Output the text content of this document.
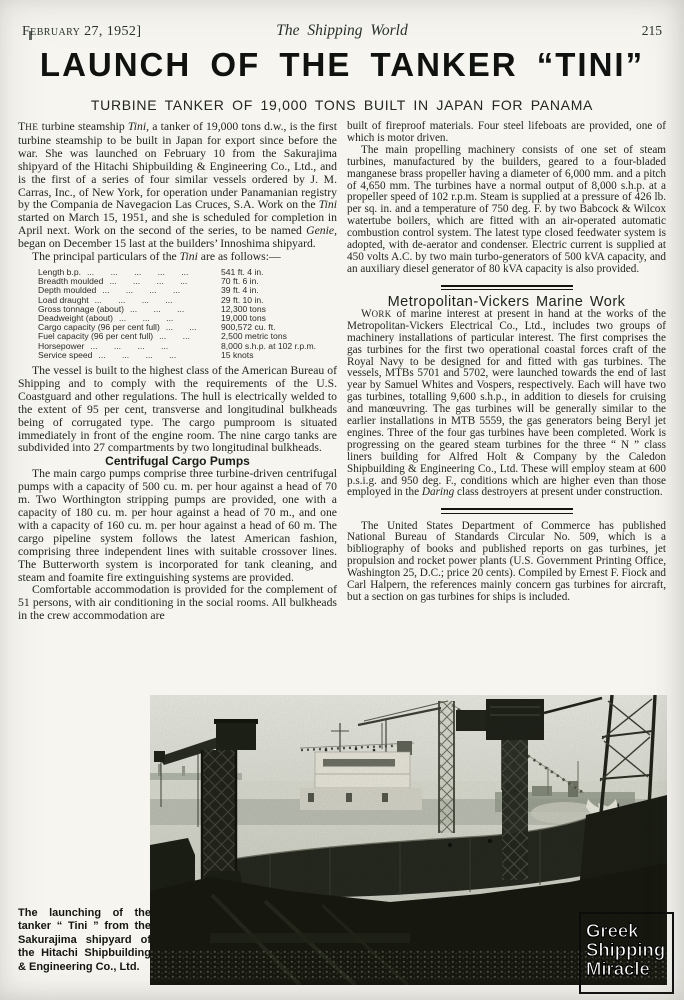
February 27, 1952]	The Shipping World	215
LAUNCH OF THE TANKER “TINI”
TURBINE TANKER OF 19,000 TONS BUILT IN JAPAN FOR PANAMA

THE turbine steamship Tini, a tanker of 19,000 tons d.w., is the first turbine steamship to be built in Japan for export since before the war. She was launched on February 10 from the Sakurajima shipyard of the Hitachi Shipbuilding & Engineering Co., Ltd., and is the first of a series of four similar vessels ordered by J. M. Carras, Inc., of New York, for operation under Panamanian registry by the Compania de Navegacion Las Cruces, S.A. Work on the Tini started on March 15, 1951, and she is scheduled for completion in April next. Work on the second of the series, to be named Genie, began on December 15 last at the builders’ Innoshima shipyard.

The principal particulars of the Tini are as follows:—

Length b.p. ... ... ... ... ...	541 ft. 4 in.
Breadth moulded ... ... ... ...	70 ft. 6 in.
Depth moulded ... ... ... ...	39 ft. 4 in.
Load draught ... ... ... ...	29 ft. 10 in.
Gross tonnage (about) ... ... ...	12,300 tons
Deadweight (about) ... ... ...	19,000 tons
Cargo capacity (96 per cent full) ... ...	900,572 cu. ft.
Fuel capacity (96 per cent full) ... ...	2,500 metric tons
Horsepower ... ... ... ...	8,000 s.h.p. at 102 r.p.m.
Service speed ... ... ... ...	15 knots

The vessel is built to the highest class of the American Bureau of Shipping and to comply with the requirements of the U.S. Coastguard and other regulations. The hull is electrically welded to the extent of 95 per cent, transverse and longitudinal bulkheads being of corrugated type. The cargo pumproom is situated immediately in front of the engine room. The nine cargo tanks are subdivided into 27 compartments by two longitudinal bulkheads.

Centrifugal Cargo Pumps

The main cargo pumps comprise three turbine-driven centrifugal pumps with a capacity of 500 cu. m. per hour against a head of 70 m. Two Worthington stripping pumps are provided, one with a capacity of 180 cu. m. per hour against a head of 70 m., and one with a capacity of 160 cu. m. per hour against a head of 60 m. The cargo pipeline system follows the latest American fashion, comprising three independent lines with suitable crossover lines. The Butterworth system is incorporated for tank cleaning, and steam and foamite fire extinguishing systems are provided.

Comfortable accommodation is provided for the complement of 51 persons, with air conditioning in the social rooms. All bulkheads in the crew accommodation are

built of fireproof materials. Four steel lifeboats are provided, one of which is motor driven.

The main propelling machinery consists of one set of steam turbines, manufactured by the builders, geared to a four-bladed manganese brass propeller having a diameter of 6,000 mm. and a pitch of 4,650 mm. The turbines have a normal output of 8,000 s.h.p. at a propeller speed of 102 r.p.m. Steam is supplied at a pressure of 426 lb. per sq. in. and a temperature of 750 deg. F. by two Babcock & Wilcox watertube boilers, which are fitted with an air-operated automatic combustion control system. The latest type closed feedwater system is adopted, with de-aerator and condenser. Electric current is supplied at 450 volts A.C. by two main turbo-generators of 500 kVA capacity, and an auxiliary diesel generator of 80 kVA capacity is also provided.

Metropolitan-Vickers Marine Work

WORK of marine interest at present in hand at the works of the Metropolitan-Vickers Electrical Co., Ltd., includes two groups of machinery installations of particular interest. The first comprises the gas turbines for the first two operational coastal forces craft of the Royal Navy to be designed for and fitted with gas turbines. The vessels, MTBs 5701 and 5702, were launched towards the end of last year by Samuel Whites and Vospers, respectively. Each will have two gas turbines, totalling 9,600 s.h.p., in addition to diesels for cruising and manœuvring. The gas turbines will be generally similar to the earlier installations in MTB 5559, the gas generators being Beryl jet engines. Three of the four gas turbines have been completed. Work is progressing on the geared steam turbines for the three “ N ” class liners building for Alfred Holt & Company by the Caledon Shipbuilding & Engineering Co., Ltd. These will employ steam at 600 p.s.i.g. and 950 deg. F., conditions which are higher even than those employed in the Daring class destroyers at present under construction.

The United States Department of Commerce has published National Bureau of Standards Circular No. 509, which is a bibliography of books and published reports on gas turbines, jet propulsion and rocket power plants (U.S. Government Printing Office, Washington 25, D.C.; price 20 cents). Compiled by Ernest F. Fiock and Carl Halpern, the references mainly concern gas turbines for aircraft, but a section on gas turbines for ships is included.

The launching of the tanker “ Tini ” from the Sakurajima shipyard of the Hitachi Shipbuilding & Engineering Co., Ltd.
Greek
Shipping
Miracle
